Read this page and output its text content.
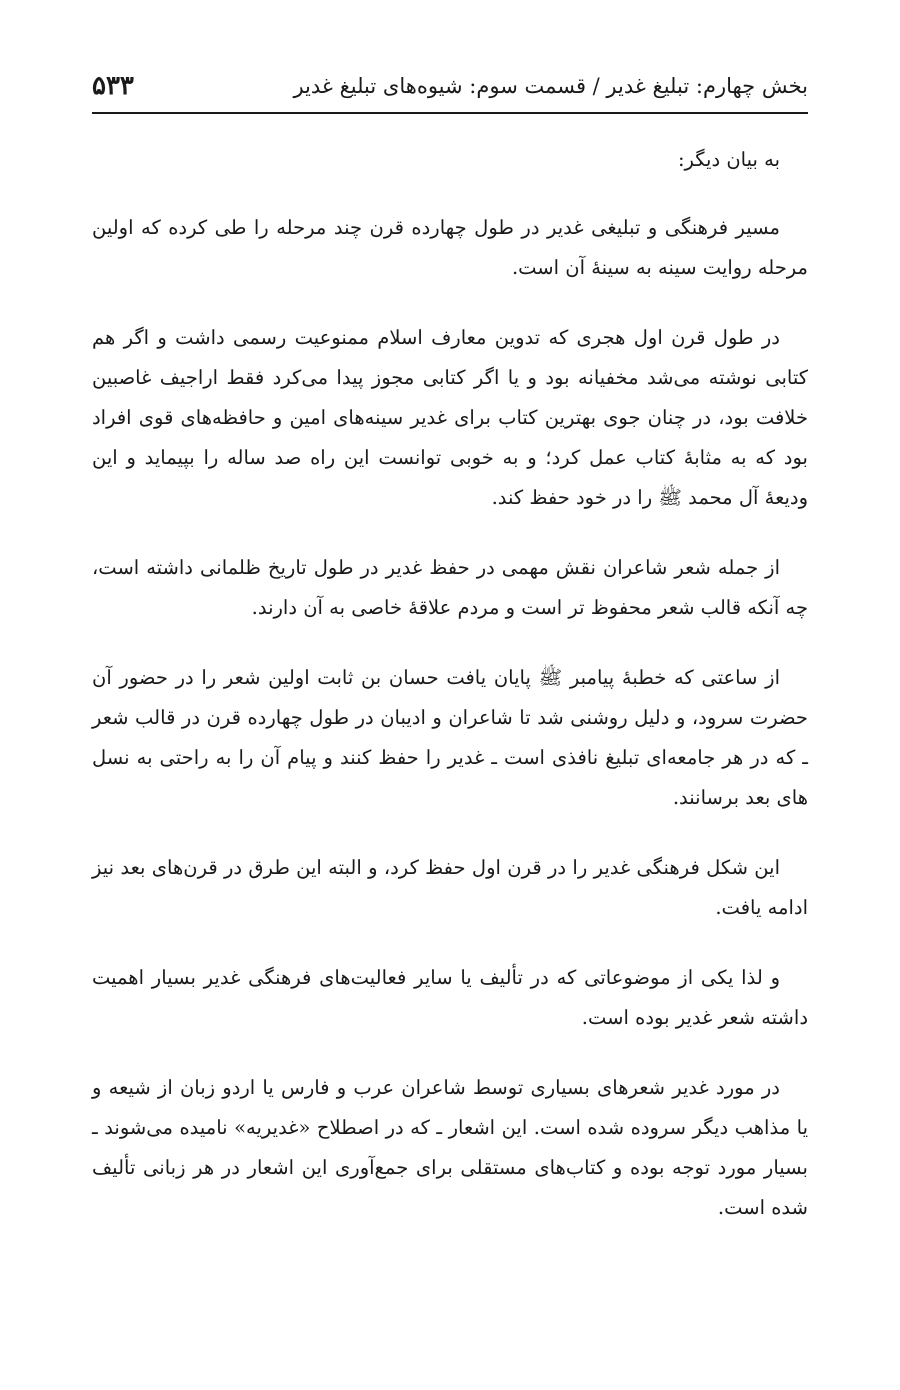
بخش چهارم: تبلیغ غدیر / قسمت سوم: شیوه‌های تبلیغ غدیر
۵۳۳

به بیان دیگر:

مسیر فرهنگی و تبلیغی غدیر در طول چهارده قرن چند مرحله را طی کرده که اولین مرحله روایت سینه به سینهٔ آن است.

در طول قرن اول هجری که تدوین معارف اسلام ممنوعیت رسمی داشت و اگر هم کتابی نوشته می‌شد مخفیانه بود و یا اگر کتابی مجوز پیدا می‌کرد فقط اراجیف غاصبین خلافت بود، در چنان جوی بهترین کتاب برای غدیر سینه‌های امین و حافظه‌های قوی افراد بود که به مثابهٔ کتاب عمل کرد؛ و به خوبی توانست این راه صد ساله را بپیماید و این ودیعهٔ آل محمد ﷺ را در خود حفظ کند.

از جمله شعر شاعران نقش مهمی در حفظ غدیر در طول تاریخ ظلمانی داشته است، چه آنکه قالب شعر محفوظ تر است و مردم علاقهٔ خاصی به آن دارند.

از ساعتی که خطبهٔ پیامبر ﷺ پایان یافت حسان بن ثابت اولین شعر را در حضور آن حضرت سرود، و دلیل روشنی شد تا شاعران و ادیبان در طول چهارده قرن در قالب شعر ـ که در هر جامعه‌ای تبلیغ نافذی است ـ غدیر را حفظ کنند و پیام آن را به راحتی به نسل های بعد برسانند.

این شکل فرهنگی غدیر را در قرن اول حفظ کرد، و البته این طرق در قرن‌های بعد نیز ادامه یافت.

و لذا یکی از موضوعاتی که در تألیف یا سایر فعالیت‌های فرهنگی غدیر بسیار اهمیت داشته شعر غدیر بوده است.

در مورد غدیر شعرهای بسیاری توسط شاعران عرب و فارس یا اردو زبان از شیعه و یا مذاهب دیگر سروده شده است. این اشعار ـ که در اصطلاح «غدیریه» نامیده می‌شوند ـ بسیار مورد توجه بوده و کتاب‌های مستقلی برای جمع‌آوری این اشعار در هر زبانی تألیف شده است.
